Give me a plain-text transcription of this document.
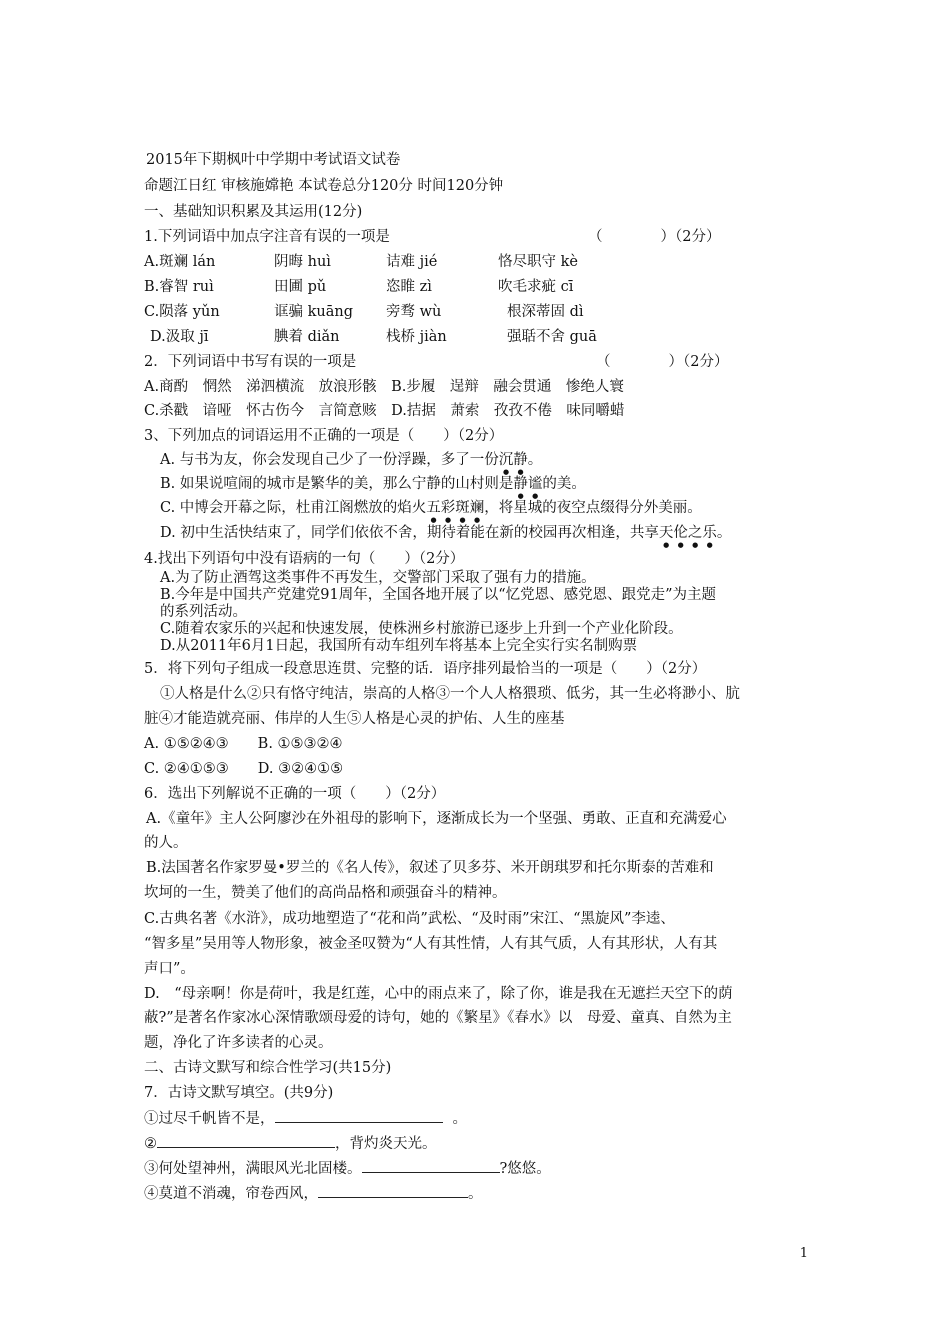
2015年下期枫叶中学期中考试语文试卷
命题江日红 审核施嫦艳 本试卷总分120分 时间120分钟
一、基础知识积累及其运用(12分)
1.下列词语中加点字注音有误的一项是	（　　　　）（2分）
A.斑斓 lán	阴晦 huì	诘难 jié	恪尽职守 kè
B.睿智 ruì	田圃 pǔ	恣睢 zì	吹毛求疵 cī
C.陨落 yǔn	诓骗 kuāng 旁骛 wù	根深蒂固 dì
D.汲取 jī	腆着 diǎn	栈桥 jiàn	强聒不舍 guā
2．下列词语中书写有误的一项是	（　　　　）（2分）
A.商酌　惘然　涕泗横流　放浪形骸　B.步履　逞辩　融会贯通　惨绝人寰
C.杀戳　谙哑　怀古伤今　言简意赅　D.拮据　萧索　孜孜不倦　味同嚼蜡
3、下列加点的词语运用不正确的一项是（　　）（2分）
A. 与书为友，你会发现自己少了一份浮躁，多了一份沉静。
B. 如果说喧闹的城市是繁华的美，那么宁静的山村则是静谧的美。
C. 中博会开幕之际，杜甫江阁燃放的焰火五彩斑斓，将星城的夜空点缀得分外美丽。
D. 初中生活快结束了，同学们依依不舍，期待着能在新的校园再次相逢，共享天伦之乐。
4.找出下列语句中没有语病的一句（　　）（2分）
A.为了防止酒驾这类事件不再发生，交警部门采取了强有力的措施。
B.今年是中国共产党建党91周年，全国各地开展了以“忆党恩、感党恩、跟党走”为主题
的系列活动。
C.随着农家乐的兴起和快速发展，使株洲乡村旅游已逐步上升到一个产业化阶段。
D.从2011年6月1日起，我国所有动车组列车将基本上完全实行实名制购票
5．将下列句子组成一段意思连贯、完整的话．语序排列最恰当的一项是（　　）（2分）
①人格是什么②只有恪守纯洁，崇高的人格③一个人人格猥琐、低劣，其一生必将渺小、肮
脏④才能造就亮丽、伟岸的人生⑤人格是心灵的护佑、人生的座基
A. ①⑤②④③　　B. ①⑤③②④
C. ②④①⑤③　　D. ③②④①⑤
6．选出下列解说不正确的一项（　　）（2分）
A.《童年》主人公阿廖沙在外祖母的影响下，逐渐成长为一个坚强、勇敢、正直和充满爱心
的人。
B.法国著名作家罗曼•罗兰的《名人传》，叙述了贝多芬、米开朗琪罗和托尔斯泰的苦难和
坎坷的一生，赞美了他们的高尚品格和顽强奋斗的精神。
C.古典名著《水浒》，成功地塑造了“花和尚”武松、“及时雨”宋江、“黑旋风”李逵、
“智多星”吴用等人物形象，被金圣叹赞为“人有其性情，人有其气质，人有其形状，人有其
声口”。
D.　“母亲啊！你是荷叶，我是红莲，心中的雨点来了，除了你，谁是我在无遮拦天空下的荫
蔽?”是著名作家冰心深情歌颂母爱的诗句，她的《繁星》《春水》以　母爱、童真、自然为主
题，净化了许多读者的心灵。
二、古诗文默写和综合性学习(共15分)
7．古诗文默写填空。(共9分)
①过尽千帆皆不是，	。
②	，背灼炎天光。
③何处望神州，满眼风光北固楼。	?悠悠。
④莫道不消魂，帘卷西风，	。
1
